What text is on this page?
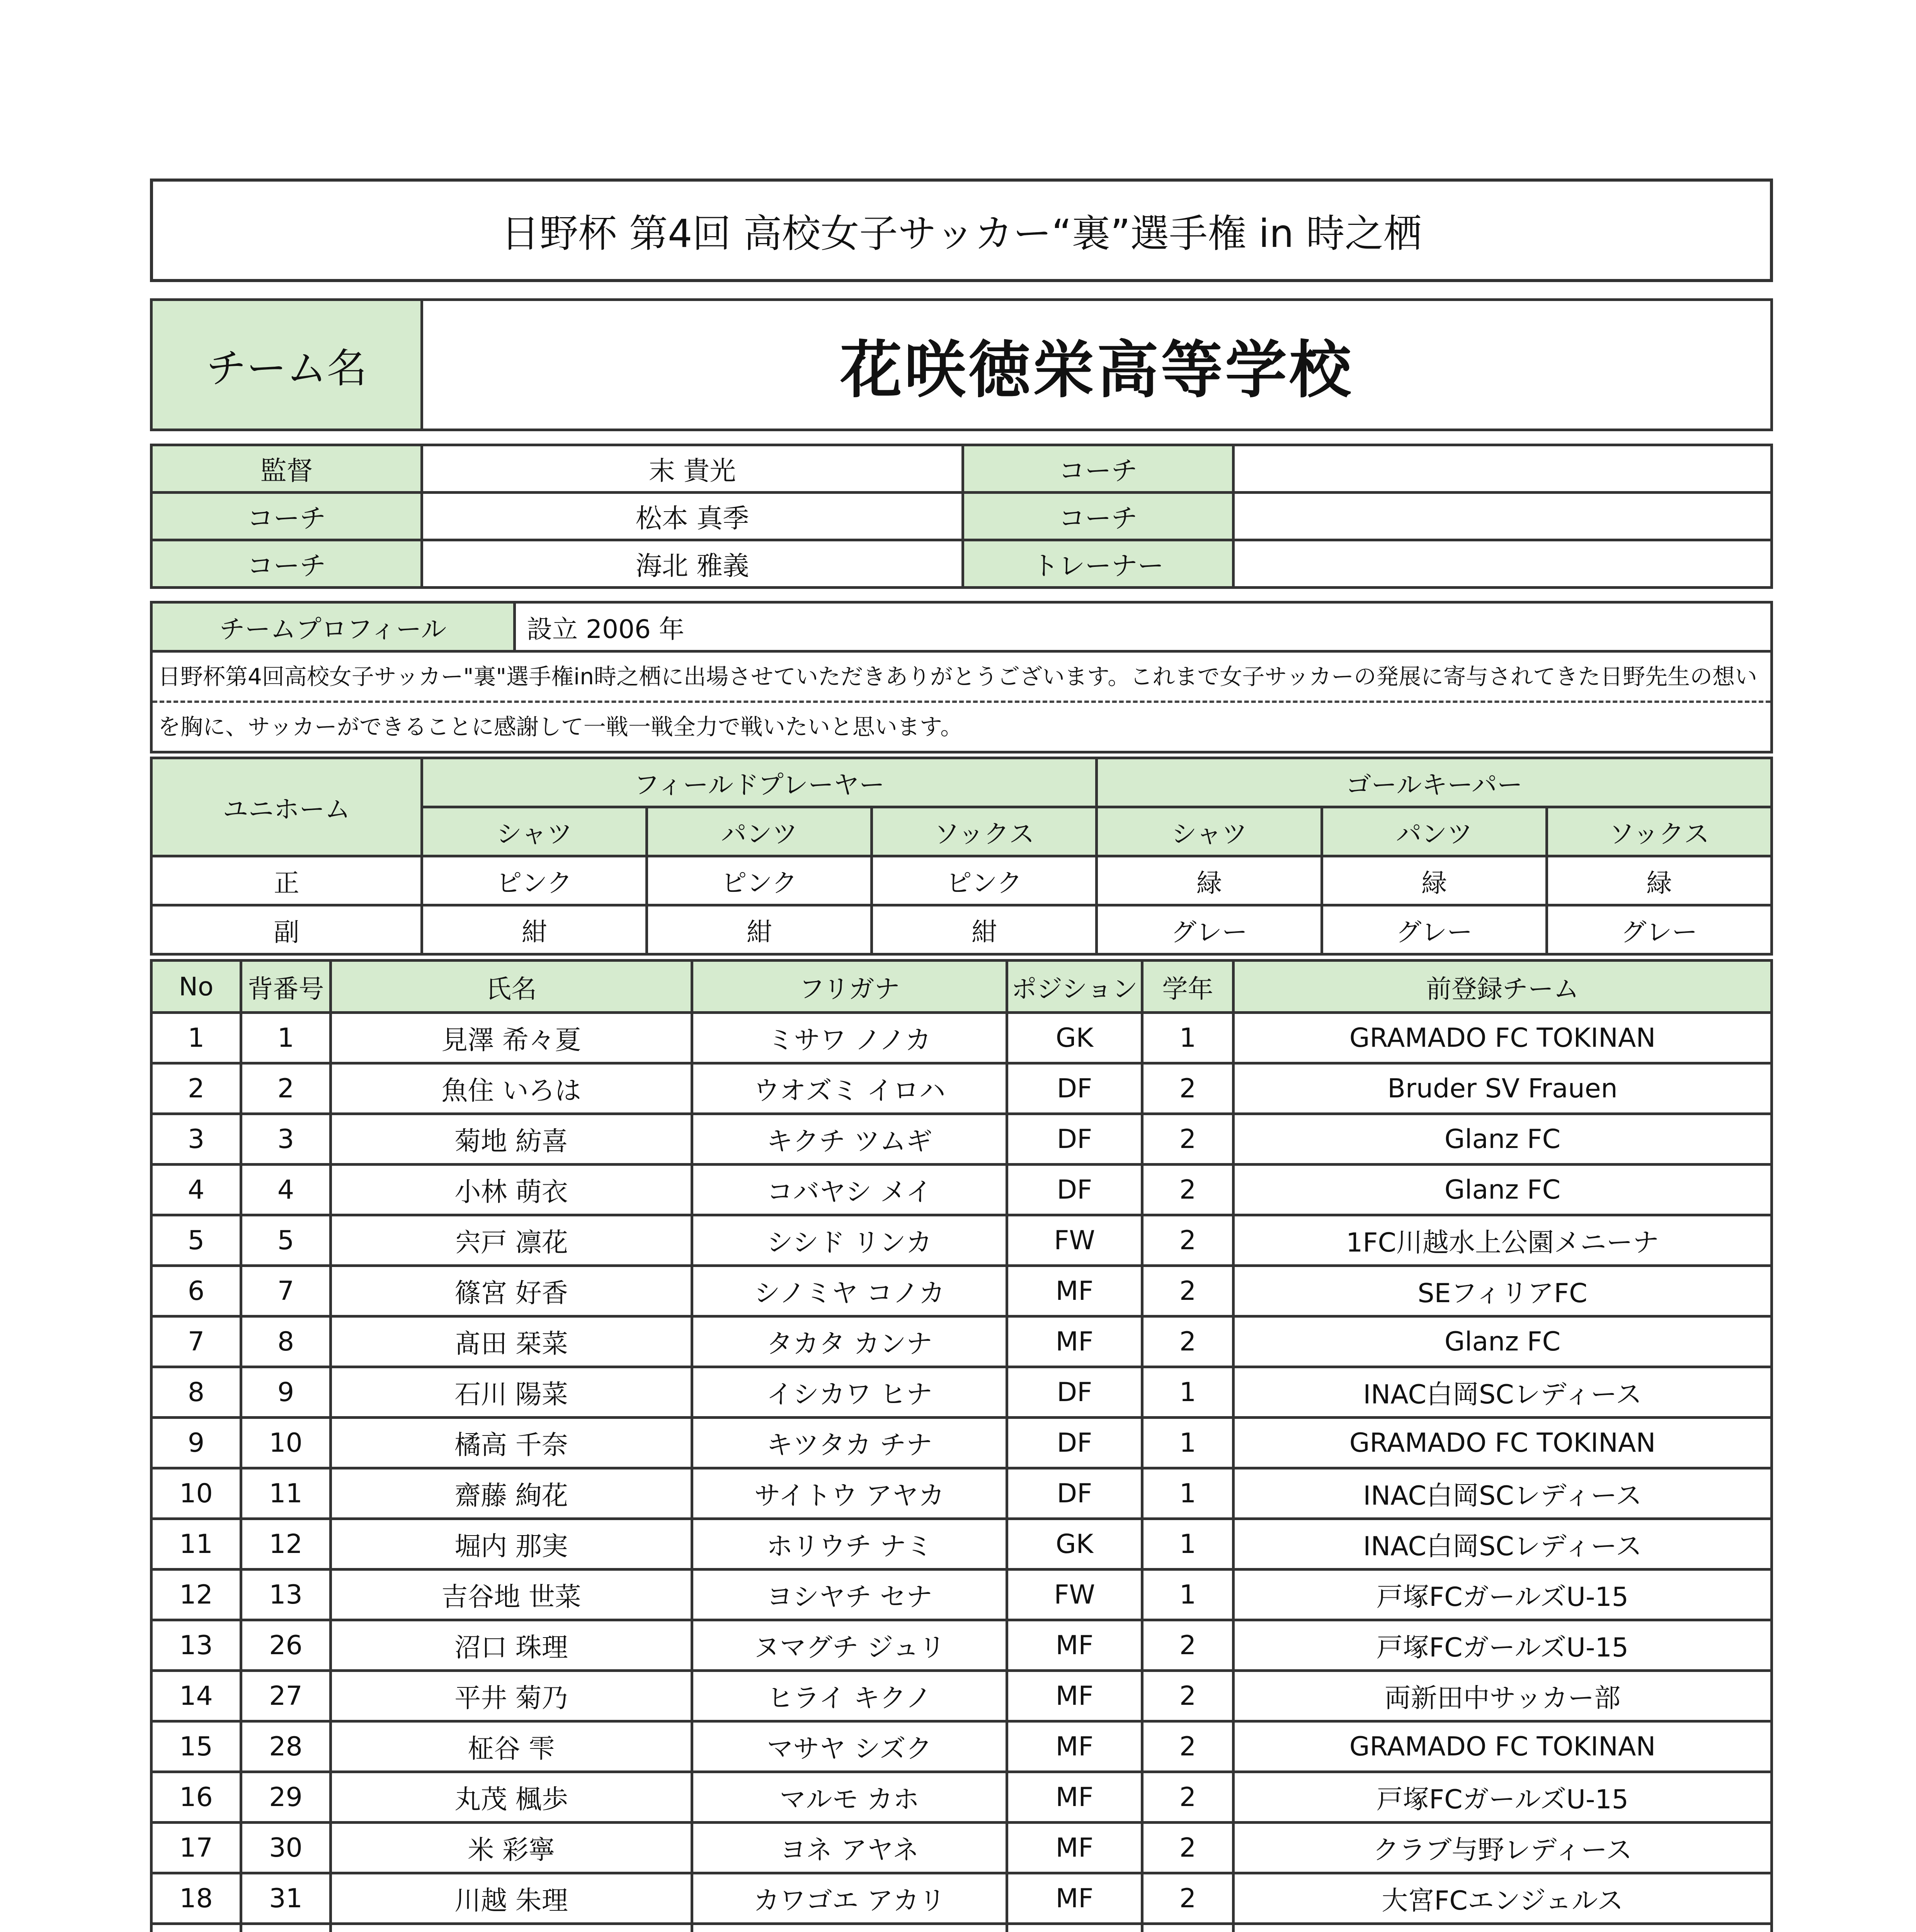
日野杯 第4回 高校女子サッカー“裏”選手権 in 時之栖
チーム名	花咲徳栄高等学校
監督	末 貴光	コーチ	
コーチ	松本 真季	コーチ	
コーチ	海北 雅義	トレーナー	
チームプロフィール	設立 2006 年
日野杯第4回高校女子サッカー"裏"選手権in時之栖に出場させていただきありがとうございます。これまで女子サッカーの発展に寄与されてきた日野先生の想い
を胸に、サッカーができることに感謝して一戦一戦全力で戦いたいと思います。
ユニホーム	フィールドプレーヤー			ゴールキーパー		
	シャツ	パンツ	ソックス	シャツ	パンツ	ソックス
正	ピンク	ピンク	ピンク	緑	緑	緑
副	紺	紺	紺	グレー	グレー	グレー
No	背番号	氏名	フリガナ	ポジション	学年	前登録チーム
1	1	見澤 希々夏	ミサワ ノノカ	GK	1	GRAMADO FC TOKINAN
2	2	魚住 いろは	ウオズミ イロハ	DF	2	Bruder SV Frauen
3	3	菊地 紡喜	キクチ ツムギ	DF	2	Glanz FC
4	4	小林 萌衣	コバヤシ メイ	DF	2	Glanz FC
5	5	宍戸 凛花	シシド リンカ	FW	2	1FC川越水上公園メニーナ
6	7	篠宮 好香	シノミヤ コノカ	MF	2	SEフィリアFC
7	8	髙田 栞菜	タカタ カンナ	MF	2	Glanz FC
8	9	石川 陽菜	イシカワ ヒナ	DF	1	INAC白岡SCレディース
9	10	橘高 千奈	キツタカ チナ	DF	1	GRAMADO FC TOKINAN
10	11	齋藤 絢花	サイトウ アヤカ	DF	1	INAC白岡SCレディース
11	12	堀内 那実	ホリウチ ナミ	GK	1	INAC白岡SCレディース
12	13	吉谷地 世菜	ヨシヤチ セナ	FW	1	戸塚FCガールズU-15
13	26	沼口 珠理	ヌマグチ ジュリ	MF	2	戸塚FCガールズU-15
14	27	平井 菊乃	ヒライ キクノ	MF	2	両新田中サッカー部
15	28	柾谷 雫	マサヤ シズク	MF	2	GRAMADO FC TOKINAN
16	29	丸茂 楓歩	マルモ カホ	MF	2	戸塚FCガールズU-15
17	30	米 彩寧	ヨネ アヤネ	MF	2	クラブ与野レディース
18	31	川越 朱理	カワゴエ アカリ	MF	2	大宮FCエンジェルス
